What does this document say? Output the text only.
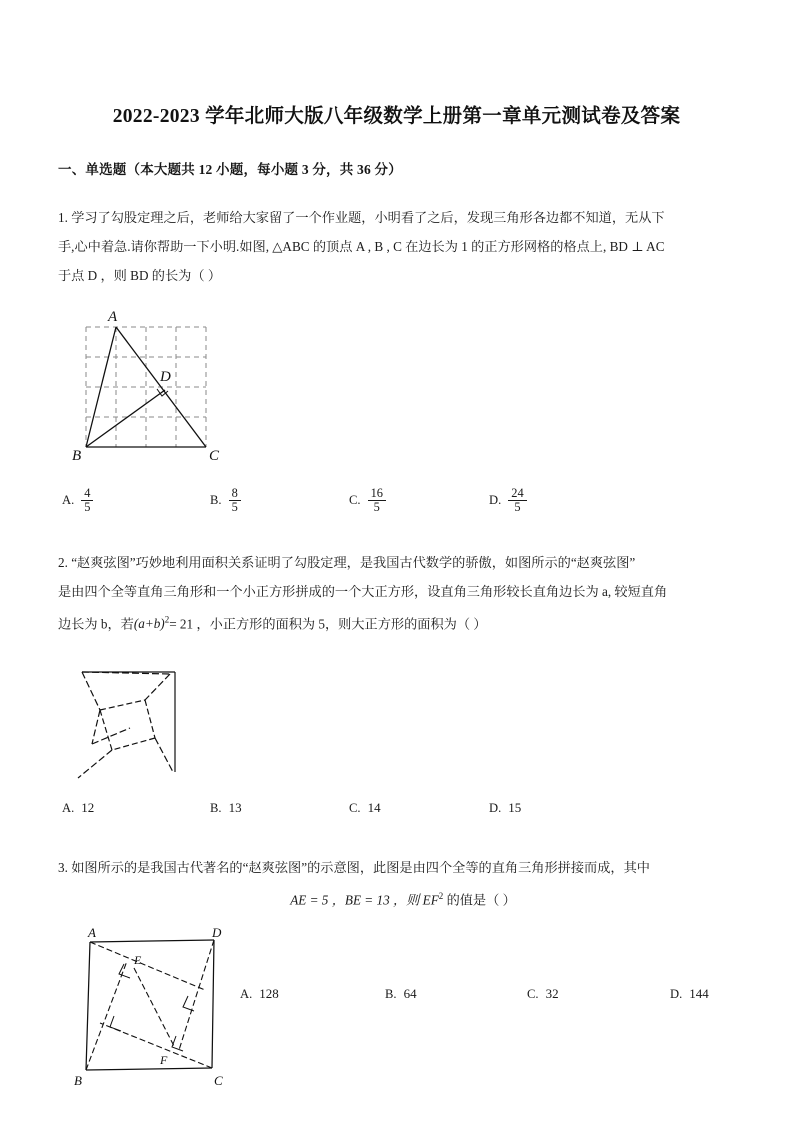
2022-2023 学年北师大版八年级数学上册第一章单元测试卷及答案
一、单选题（本大题共 12 小题，每小题 3 分，共 36 分）
1. 学习了勾股定理之后，老师给大家留了一个作业题，小明看了之后，发现三角形各边都不知道，无从下
手,心中着急.请你帮助一下小明.如图, △ABC 的顶点 A , B , C 在边长为 1 的正方形网格的格点上, BD ⊥ AC
于点 D ，则 BD 的长为（ ）
A
B	C
D
A. $\frac{4}{5}$	B. $\frac{8}{5}$	C. $\frac{16}{5}$	D. $\frac{24}{5}$
2. “赵爽弦图”巧妙地利用面积关系证明了勾股定理，是我国古代数学的骄傲，如图所示的“赵爽弦图”
是由四个全等直角三角形和一个小正方形拼成的一个大正方形，设直角三角形较长直角边长为 a, 较短直角
边长为 b，若$(a+b)^2= 21$ ，小正方形的面积为 5，则大正方形的面积为（ ）
A. 12	B. 13	C. 14	D. 15
3. 如图所示的是我国古代著名的“赵爽弦图”的示意图，此图是由四个全等的直角三角形拼接而成，其中
AE = 5 ，BE = 13 ，则 $EF^2$ 的值是（ ）
A	D
B	C
E
F
A. 128	B. 64	C. 32	D. 144
